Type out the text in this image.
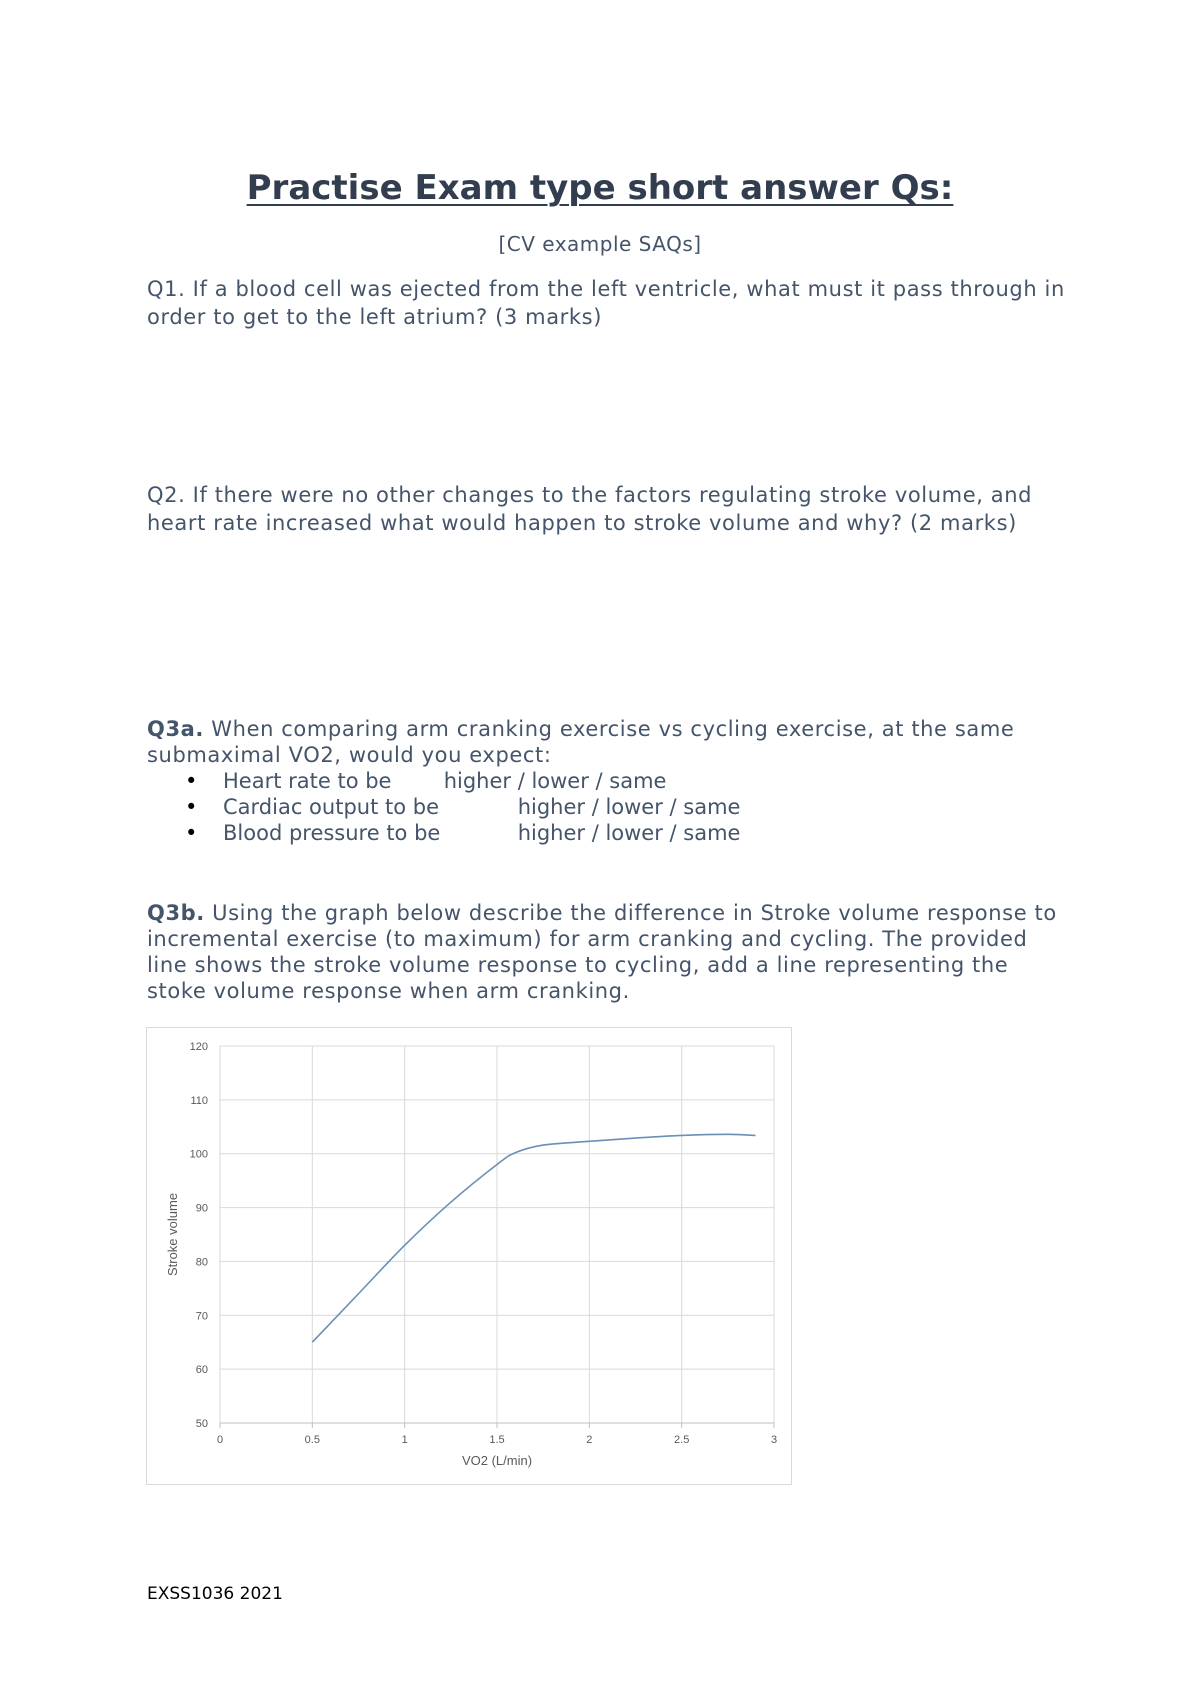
Practise Exam type short answer Qs:
[CV example SAQs]

Q1. If a blood cell was ejected from the left ventricle, what must it pass through in order to get to the left atrium? (3 marks)

Q2. If there were no other changes to the factors regulating stroke volume, and heart rate increased what would happen to stroke volume and why? (2 marks)

Q3a. When comparing arm cranking exercise vs cycling exercise, at the same submaximal VO2, would you expect:

• Heart rate to be higher / lower / same
• Cardiac output to be	higher / lower / same
• Blood pressure to be	higher / lower / same

Q3b. Using the graph below describe the difference in Stroke volume response to incremental exercise (to maximum) for arm cranking and cycling. The provided line shows the stroke volume response to cycling, add a line representing the stoke volume response when arm cranking.

50
60
70
80
90
100
110
120
0	0.5	1	1.5	2	2.5	3
VO2 (L/min)
Stroke volume
EXSS1036 2021
